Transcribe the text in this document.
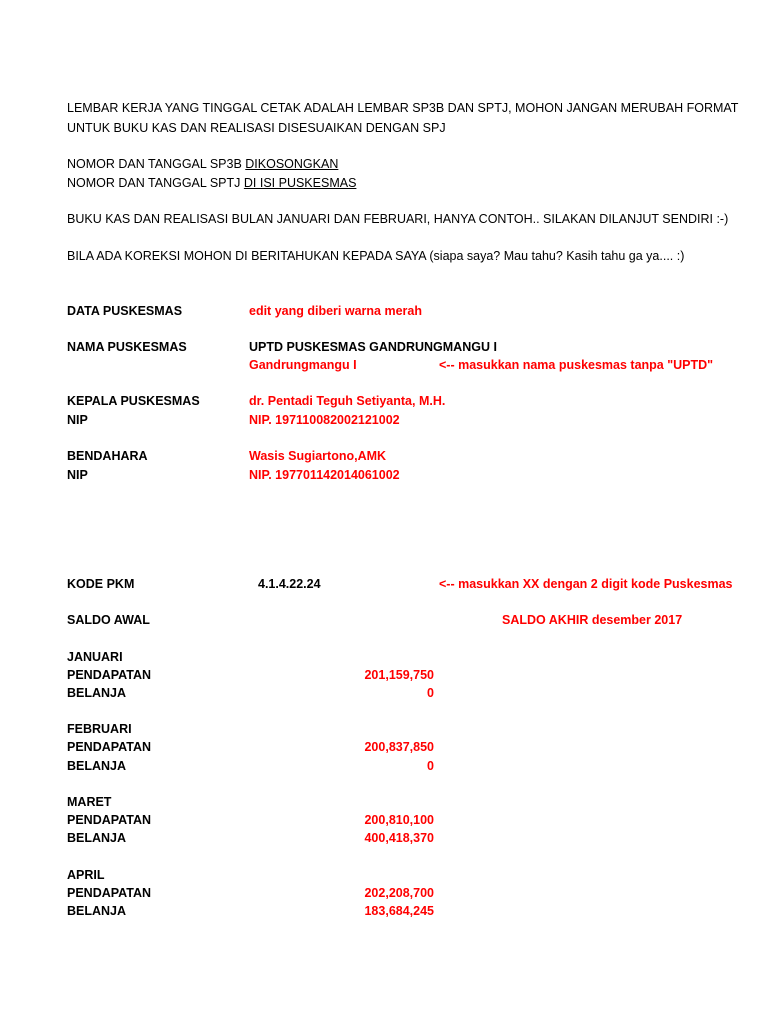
LEMBAR KERJA YANG TINGGAL CETAK ADALAH LEMBAR SP3B DAN SPTJ, MOHON JANGAN MERUBAH FORMAT
UNTUK BUKU KAS DAN REALISASI DISESUAIKAN DENGAN SPJ
NOMOR DAN TANGGAL SP3B DIKOSONGKAN
NOMOR DAN TANGGAL SPTJ DI ISI PUSKESMAS
BUKU KAS DAN REALISASI BULAN JANUARI DAN FEBRUARI, HANYA CONTOH.. SILAKAN DILANJUT SENDIRI :-)
BILA ADA KOREKSI MOHON DI BERITAHUKAN KEPADA SAYA (siapa saya? Mau tahu? Kasih tahu ga ya.... :)
DATA PUSKESMAS	edit yang diberi warna merah
NAMA PUSKESMAS	UPTD PUSKESMAS GANDRUNGMANGU I
Gandrungmangu I	<-- masukkan nama puskesmas tanpa "UPTD"
KEPALA PUSKESMAS	dr. Pentadi Teguh Setiyanta, M.H.
NIP	NIP. 197110082002121002
BENDAHARA	Wasis Sugiartono,AMK
NIP	NIP. 197701142014061002
KODE PKM	4.1.4.22.24	<-- masukkan XX dengan 2 digit kode Puskesmas
SALDO AWAL	SALDO AKHIR desember 2017
JANUARI
PENDAPATAN	201,159,750
BELANJA	0
FEBRUARI
PENDAPATAN	200,837,850
BELANJA	0
MARET
PENDAPATAN	200,810,100
BELANJA	400,418,370
APRIL
PENDAPATAN	202,208,700
BELANJA	183,684,245
